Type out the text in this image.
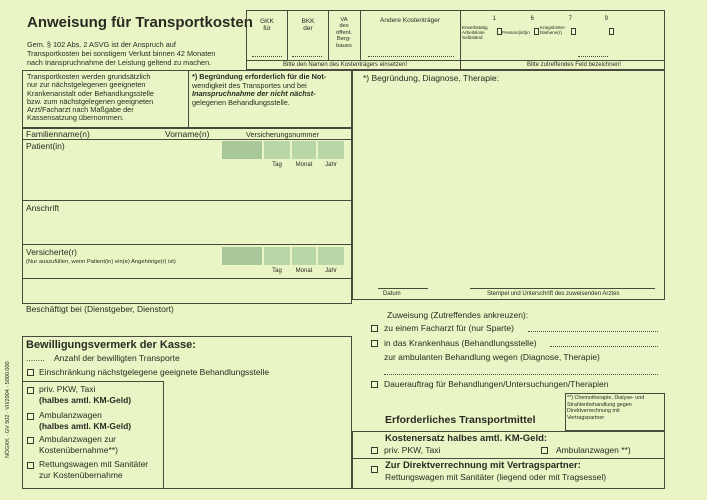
Anweisung für Transportkosten
Gem. § 102 Abs. 2 ASVG ist der Anspruch auf
Transportkosten bei sonstigem Verlust binnen 42 Monaten
nach Inanspruchnahme der Leistung geltend zu machen.
GKK
für
BKK
der
VA
des
öffent.
Berg-
baues
Andere Kostenträger
Bitte den Namen des Kostenträgers einsetzen!
1
Erwerbstätig
Arbeitslose
Selbständ.
6
Pension(ist)in
7
Kriegshinter-
bliebene(r)
9
Bitte zutreffendes Feld bezeichnen!
Transportkosten werden grundsätzlich
nur zur nächstgelegenen geeigneten
Krankenanstalt oder Behandlungsstelle
bzw. zum nächstgelegenen geeigneten
Arzt/Facharzt nach Maßgabe der
Kassensatzung übernommen.
*) Begründung erforderlich für die Not-
wendigkeit des Transportes und bei
Inanspruchnahme der nicht nächst-
gelegenen Behandlungsstelle.
Familienname(n)	Vorname(n)	Versicherungsnummer
Patient(in)
Tag	Monat	Jahr
Anschrift
Versicherte(r)
(Nur auszufüllen, wenn Patient(in) ein(e) Angehörige(r) ist)
Tag	Monat	Jahr
Beschäftigt bei (Dienstgeber, Dienstort)
*) Begründung, Diagnose, Therapie:
Datum	Stempel und Unterschrift des zuweisenden Arztes
Zuweisung (Zutreffendes ankreuzen):
zu einem Facharzt für (nur Sparte)
in das Krankenhaus (Behandlungsstelle)
zur ambulanten Behandlung wegen (Diagnose, Therapie)
Dauerauftrag für Behandlungen/Untersuchungen/Therapien
**) Chemotherapie, Dialyse- und
Strahlenbehandlung gegen
Direktverrechnung mit
Vertragspartner
Erforderliches Transportmittel
Kostenersatz halbes amtl. KM-Geld:
priv. PKW, Taxi	Ambulanzwagen **)
Zur Direktverrechnung mit Vertragspartner:
Rettungswagen mit Sanitäter (liegend oder mit Tragsessel)
Bewilligungsvermerk der Kasse:
........ Anzahl der bewilligten Transporte
Einschränkung nächstgelegene geeignete Behandlungsstelle
priv. PKW, Taxi
(halbes amtl. KM-Geld)
Ambulanzwagen
(halbes amtl. KM-Geld)
Ambulanzwagen zur
Kostenübernahme**)
Rettungswagen mit Sanitäter
zur Kostenübernahme
NÖGKK · GV 502 · VII/2004 · 5000.000
